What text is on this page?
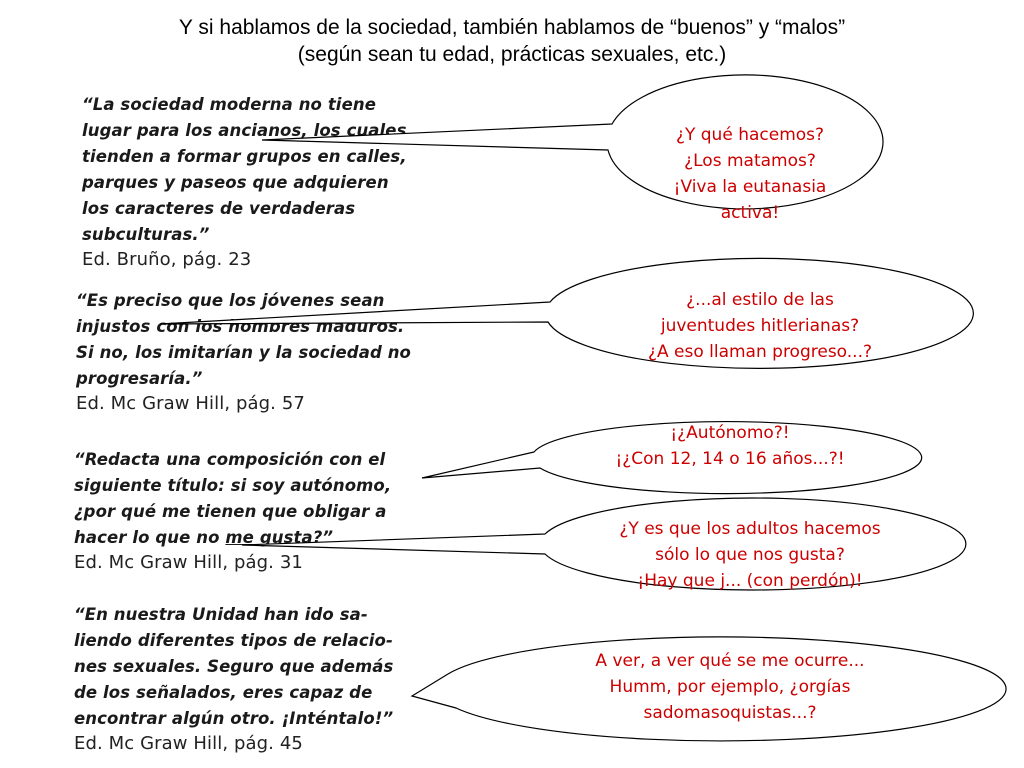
Y si hablamos de la sociedad, también hablamos de “buenos” y “malos”
(según sean tu edad, prácticas sexuales, etc.)
“La sociedad moderna no tiene
lugar para los ancianos, los cuales
tienden a formar grupos en calles,
parques y paseos que adquieren
los caracteres de verdaderas
subculturas.”
Ed. Bruño, pág. 23
“Es preciso que los jóvenes sean
injustos con los hombres maduros.
Si no, los imitarían y la sociedad no
progresaría.”
Ed. Mc Graw Hill, pág. 57
“Redacta una composición con el
siguiente título: si soy autónomo,
¿por qué me tienen que obligar a
hacer lo que no me gusta?”
Ed. Mc Graw Hill, pág. 31
“En nuestra Unidad han ido sa-
liendo diferentes tipos de relacio-
nes sexuales. Seguro que además
de los señalados, eres capaz de
encontrar algún otro. ¡Inténtalo!”
Ed. Mc Graw Hill, pág. 45
¿Y qué hacemos?
¿Los matamos?
¡Viva la eutanasia
activa!
¿...al estilo de las
juventudes hitlerianas?
¿A eso llaman progreso...?
¡¿Autónomo?!
¡¿Con 12, 14 o 16 años...?!
¿Y es que los adultos hacemos
sólo lo que nos gusta?
¡Hay que j... (con perdón)!
A ver, a ver qué se me ocurre...
Humm, por ejemplo, ¿orgías
sadomasoquistas...?
